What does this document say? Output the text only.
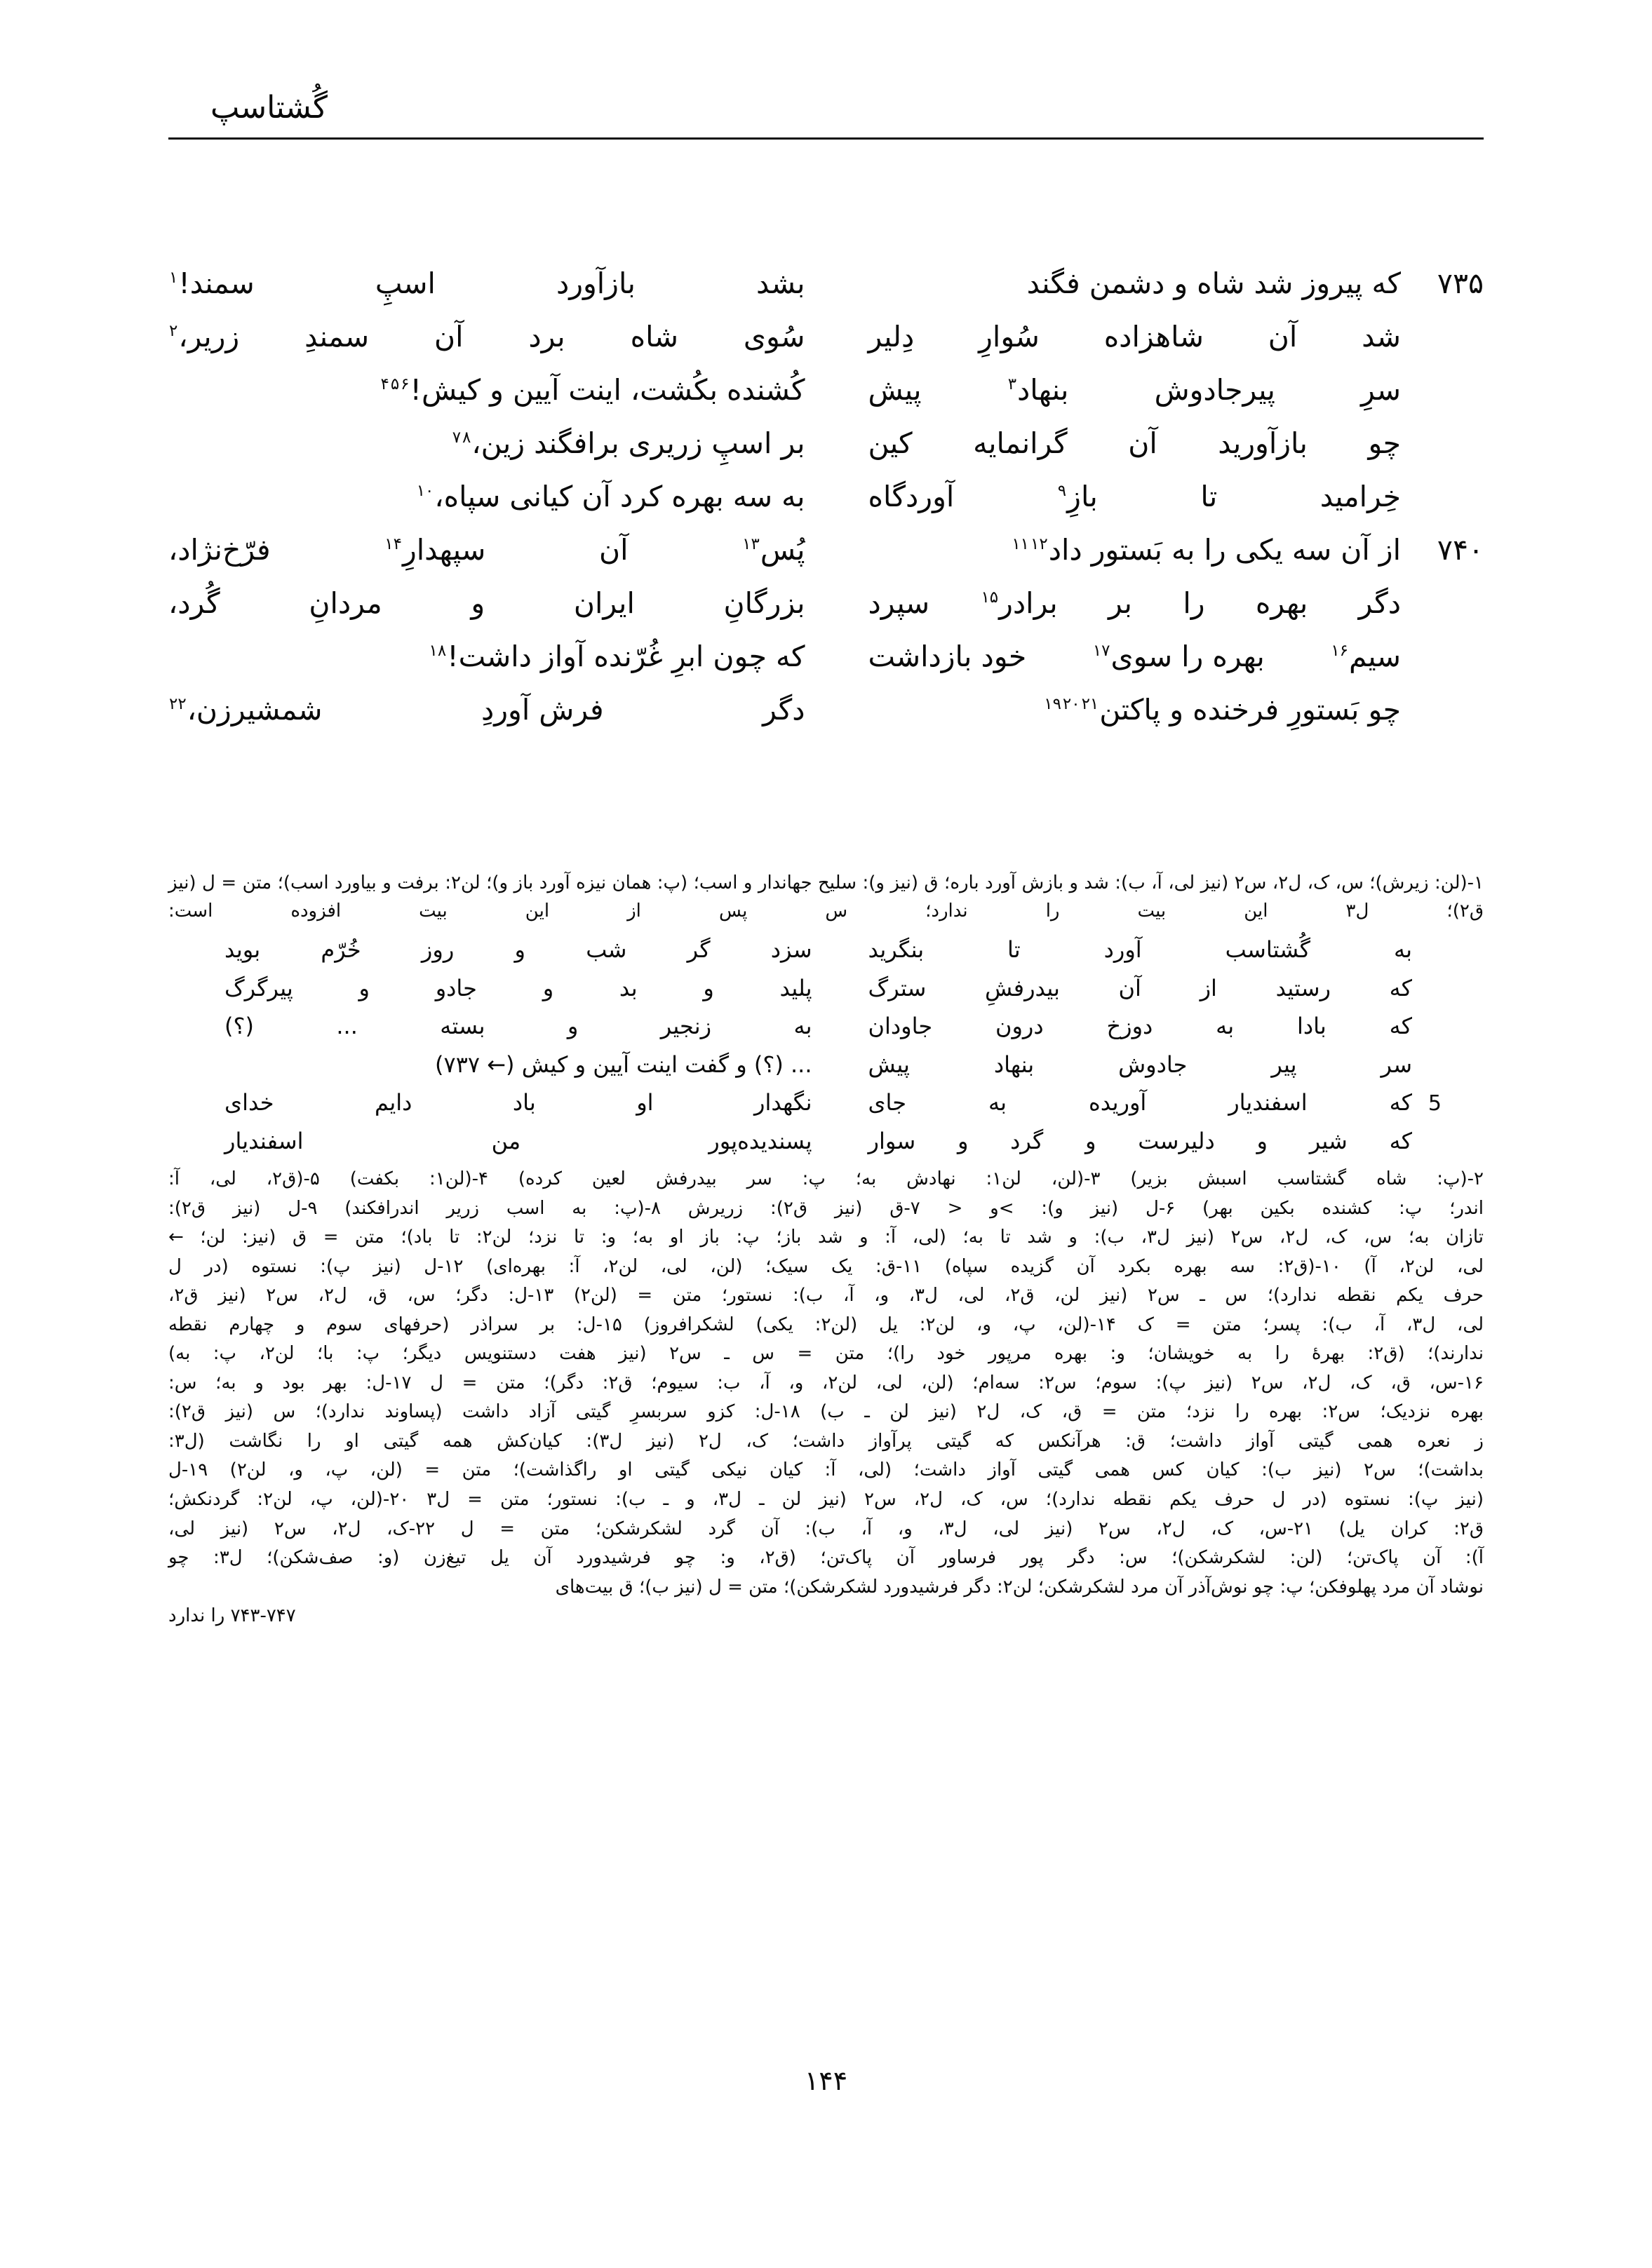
گُشتاسپ
۷۳۵
که پیروز شد شاه و دشمن فگند
بشد
بازآورد
اسپِ
سمند!$^۱$
شد
آن
شاهزاده
سُوارِ
دِلیر
سُوی
شاه
برد
آن
سمندِ
زریر،$^۲$
سرِ
پیرجادوش
بنهاد$^۳$
پیش
کُشنده بکُشت، اینت آیین و کیش!$^{۴۵۶}$
چو
بازآورید
آن
گرانمایه
کین
بر اسپِ زریری برافگند زین،$^{۷۸}$
خِرامید
تا
بازِ$^۹$
آوردگاه
به سه بهره کرد آن کیانی سپاه،$^{۱۰}$
۷۴۰
از آن سه یکی را به بَستور داد$^{۱۱۱۲}$
پُس$^{۱۳}$
آن
سپهدارِ$^{۱۴}$
فرّخ‌نژاد،
دگر
بهره
را
بر
برادر$^{۱۵}$
سپرد
بزرگانِ
ایران
و
مردانِ
گُرد،
سیم$^{۱۶}$
بهره را سوی$^{۱۷}$
خود بازداشت
که چون ابرِ غُرّنده آواز داشت!$^{۱۸}$
چو بَستورِ فرخنده و پاکتن$^{۱۹۲۰۲۱}$
دگر
فرش آوردِ
شمشیرزن،$^{۲۲}$

۱-(لن: زیرش)؛ س، ک، ل۲، س۲ (نیز لی، آ، ب): شد و بازش آورد باره؛ ق (نیز و): سلیح جهاندار و اسب؛ (پ: همان نیزه آورد باز و)؛ لن۲: برفت و بیاورد اسب)؛ متن = ل (نیز ق۲)؛ ل۳ این بیت را ندارد؛ س پس از این بیت افزوده است:

به
گُشتاسب
آورد
تا
بنگرید
سزد
گر
شب
و
روز
خُرّم
بوید
که
رستید
از
آن
بیدرفشِ
سترگ
پلید
و
بد
و
جادو
و
پیرگرگ
که
بادا
به
دوزخ
درون
جاودان
به
زنجیر
و
بسته
...
(؟)
سر
پیر
جادوش
بنهاد
پیش
... (؟) و گفت اینت آیین و کیش (← ۷۳۷)
5
که
اسفندیار
آوریده
به
جای
نگهدار
او
باد
دایم
خدای
که
شیر
و
دلیرست
و
گرد
و
سوار
پسندیده‌پور
من
اسفندیار

۲-(پ: شاه گشتاسب اسبش بزیر) ۳-(لن، لن۱: نهادش به؛ پ: سر بیدرفش لعین کرده) ۴-(لن۱: بکفت) ۵-(ق۲، لی، آ:

اندر؛ پ: کشنده بکین بهر) ۶-ل (نیز و): >و < ۷-ق (نیز ق۲): زریرش ۸-(پ: به اسب زریر اندرافکند) ۹-ل (نیز ق۲):

تازان به؛ س، ک، ل۲، س۲ (نیز ل۳، ب): و شد تا به؛ (لی، آ: و شد باز؛ پ: باز او به؛ و: تا نزد؛ لن۲: تا باد)؛ متن = ق (نیز: لن؛ ←

لی، لن۲، آ) ۱۰-(ق۲: سه بهره بکرد آن گزیده سپاه) ۱۱-ق: یک سیک؛ (لن، لی، لن۲، آ: بهره‌ای) ۱۲-ل (نیز پ): نستوه (در ل

حرف یکم نقطه ندارد)؛ س ـ س۲ (نیز لن، ق۲، لی، ل۳، و، آ، ب): نستور؛ متن = (لن۲) ۱۳-ل: دگر؛ س، ق، ل۲، س۲ (نیز ق۲،

لی، ل۳، آ، ب): پسر؛ متن = ک ۱۴-(لن، پ، و، لن۲: یل (لن۲: یکی) لشکرافروز) ۱۵-ل: بر سراذر (حرفهای سوم و چهارم نقطه

ندارند)؛ (ق۲: بهرهٔ را به خویشان؛ و: بهره مرپور خود را)؛ متن = س ـ س۲ (نیز هفت دستنویس دیگر؛ پ: با؛ لن۲، پ: به)

۱۶-س، ق، ک، ل۲، س۲ (نیز پ): سوم؛ س۲: سه‌ام؛ (لن، لی، لن۲، و، آ، ب: سیوم؛ ق۲: دگر)؛ متن = ل ۱۷-ل: بهر بود و به؛ س:

بهره نزدیک؛ س۲: بهره را نزد؛ متن = ق، ک، ل۲ (نیز لن ـ ب) ۱۸-ل: کزو سربسرِ گیتی آزاد داشت (پساوند ندارد)؛ س (نیز ق۲):

ز نعره همی گیتی آواز داشت؛ ق: هرآنکس که گیتی پرآواز داشت؛ ک، ل۲ (نیز ل۳): کیان‌کش همه گیتی او را نگاشت (ل۳:

بداشت)؛ س۲ (نیز ب): کیان کس همی گیتی آواز داشت؛ (لی، آ: کیان نیکی گیتی او راگذاشت)؛ متن = (لن، پ، و، لن۲) ۱۹-ل

(نیز پ): نستوه (در ل حرف یکم نقطه ندارد)؛ س، ک، ل۲، س۲ (نیز لن ـ ل۳، و ـ ب): نستور؛ متن = ل۳ ۲۰-(لن، پ، لن۲: گردنکش؛

ق۲: کران یل) ۲۱-س، ک، ل۲، س۲ (نیز لی، ل۳، و، آ، ب): آن گرد لشکرشکن؛ متن = ل ۲۲-ک، ل۲، س۲ (نیز لی،

آ): آن پاک‌تن؛ (لن: لشکرشکن)؛ س: دگر پور فرساور آن پاک‌تن؛ (ق۲، و: چو فرشیدورد آن یل تیغ‌زن (و: صف‌شکن)؛ ل۳: چو

نوشاد آن مرد پهلوفکن؛ پ: چو نوش‌آذر آن مرد لشکرشکن؛ لن۲: دگر فرشیدورد لشکرشکن)؛ متن = ل (نیز ب)؛ ق بیت‌های

۷۴۳-۷۴۷ را ندارد
۱۴۴
